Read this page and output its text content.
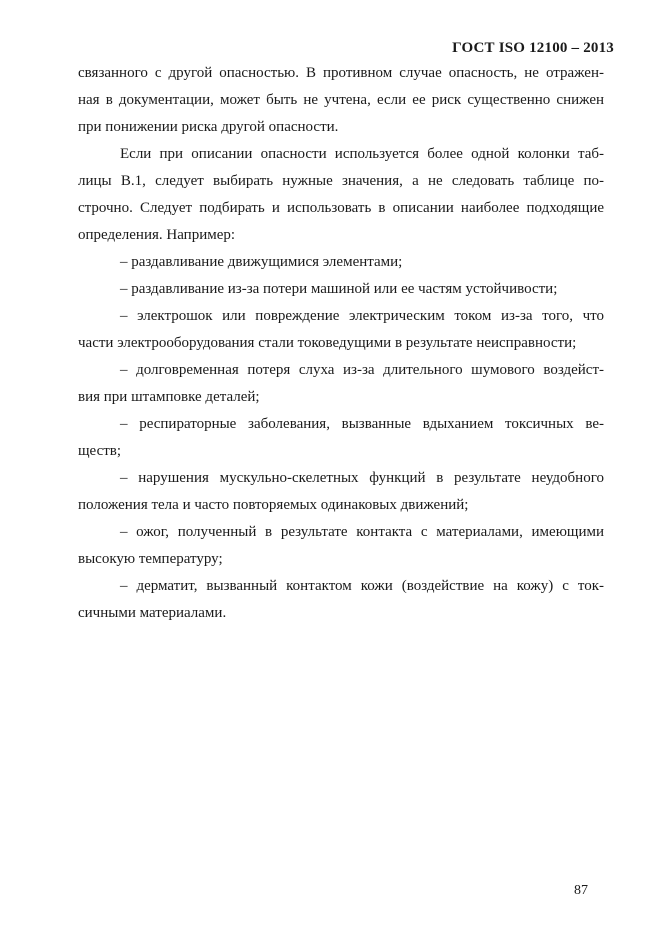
ГОСТ ISO 12100 – 2013
связанного с другой опасностью. В противном случае опасность, не отражен-
ная в документации, может быть не учтена, если ее риск существенно снижен
при понижении риска другой опасности.
Если при описании опасности используется более одной колонки таб-
лицы В.1, следует выбирать нужные значения, а не следовать таблице по-
строчно. Следует подбирать и использовать в описании наиболее подходящие
определения. Например:
– раздавливание движущимися элементами;
– раздавливание из-за потери машиной или ее частям устойчивости;
– электрошок или повреждение электрическим током из-за того, что
части электрооборудования стали токоведущими в результате неисправности;
– долговременная потеря слуха из-за длительного шумового воздейст-
вия при штамповке деталей;
– респираторные заболевания, вызванные вдыханием токсичных ве-
ществ;
– нарушения мускульно-скелетных функций в результате неудобного
положения тела и часто повторяемых одинаковых движений;
– ожог, полученный в результате контакта с материалами, имеющими
высокую температуру;
– дерматит, вызванный контактом кожи (воздействие на кожу) с ток-
сичными материалами.
87
